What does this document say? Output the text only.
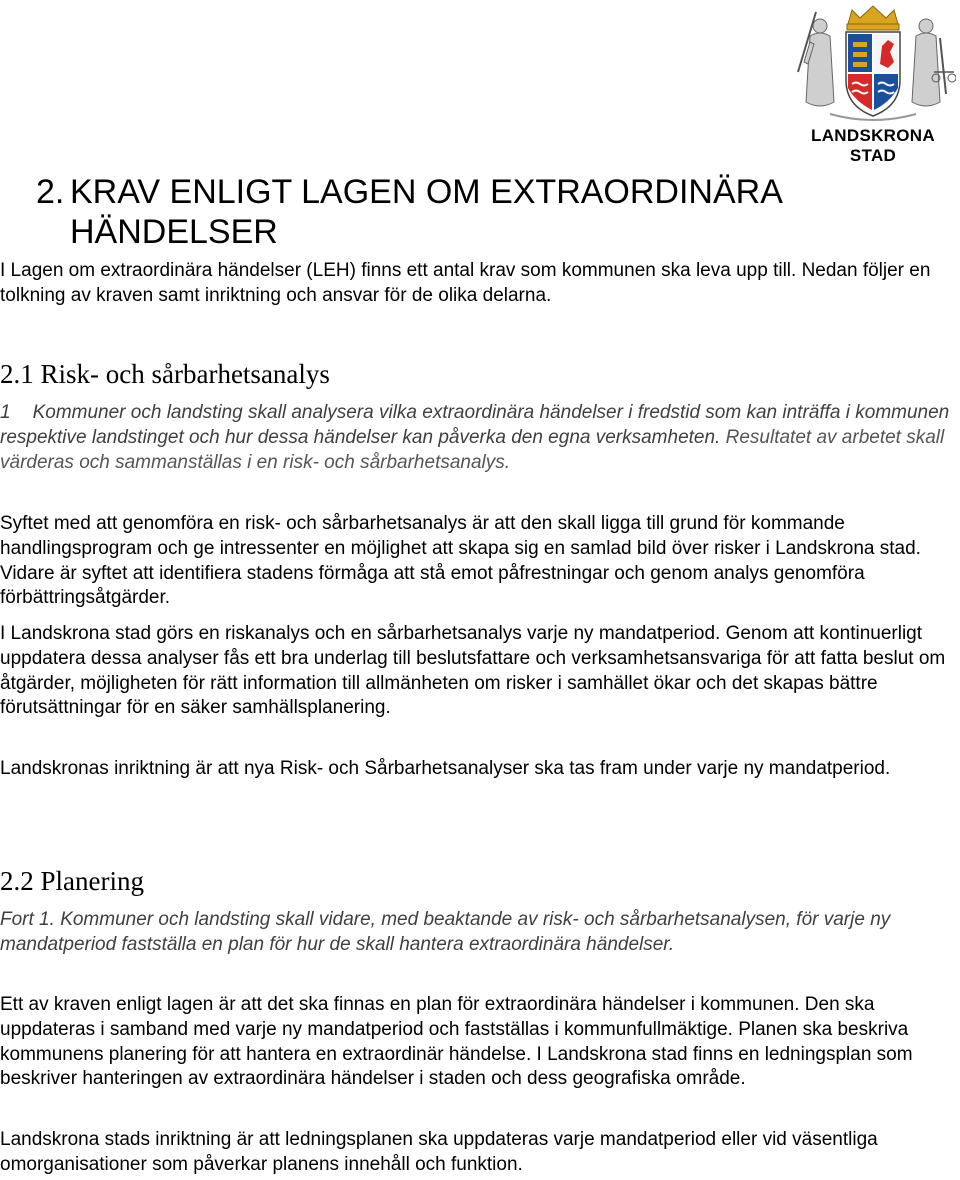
LANDSKRONA STAD
2. KRAV ENLIGT LAGEN OM EXTRAORDINÄRA HÄNDELSER
I Lagen om extraordinära händelser (LEH) finns ett antal krav som kommunen ska leva upp till. Nedan följer en tolkning av kraven samt inriktning och ansvar för de olika delarna.
2.1 Risk- och sårbarhetsanalys
1 Kommuner och landsting skall analysera vilka extraordinära händelser i fredstid som kan inträffa i kommunen respektive landstinget och hur dessa händelser kan påverka den egna verksamheten. Resultatet av arbetet skall värderas och sammanställas i en risk- och sårbarhetsanalys.
Syftet med att genomföra en risk- och sårbarhetsanalys är att den skall ligga till grund för kommande handlingsprogram och ge intressenter en möjlighet att skapa sig en samlad bild över risker i Landskrona stad. Vidare är syftet att identifiera stadens förmåga att stå emot påfrestningar och genom analys genomföra förbättringsåtgärder.
I Landskrona stad görs en riskanalys och en sårbarhetsanalys varje ny mandatperiod. Genom att kontinuerligt uppdatera dessa analyser fås ett bra underlag till beslutsfattare och verksamhetsansvariga för att fatta beslut om åtgärder, möjligheten för rätt information till allmänheten om risker i samhället ökar och det skapas bättre förutsättningar för en säker samhällsplanering.
Landskronas inriktning är att nya Risk- och Sårbarhetsanalyser ska tas fram under varje ny mandatperiod.
2.2 Planering
Fort 1. Kommuner och landsting skall vidare, med beaktande av risk- och sårbarhetsanalysen, för varje ny mandatperiod fastställa en plan för hur de skall hantera extraordinära händelser.
Ett av kraven enligt lagen är att det ska finnas en plan för extraordinära händelser i kommunen. Den ska uppdateras i samband med varje ny mandatperiod och fastställas i kommunfullmäktige. Planen ska beskriva kommunens planering för att hantera en extraordinär händelse. I Landskrona stad finns en ledningsplan som beskriver hanteringen av extraordinära händelser i staden och dess geografiska område.
Landskrona stads inriktning är att ledningsplanen ska uppdateras varje mandatperiod eller vid väsentliga omorganisationer som påverkar planens innehåll och funktion.
